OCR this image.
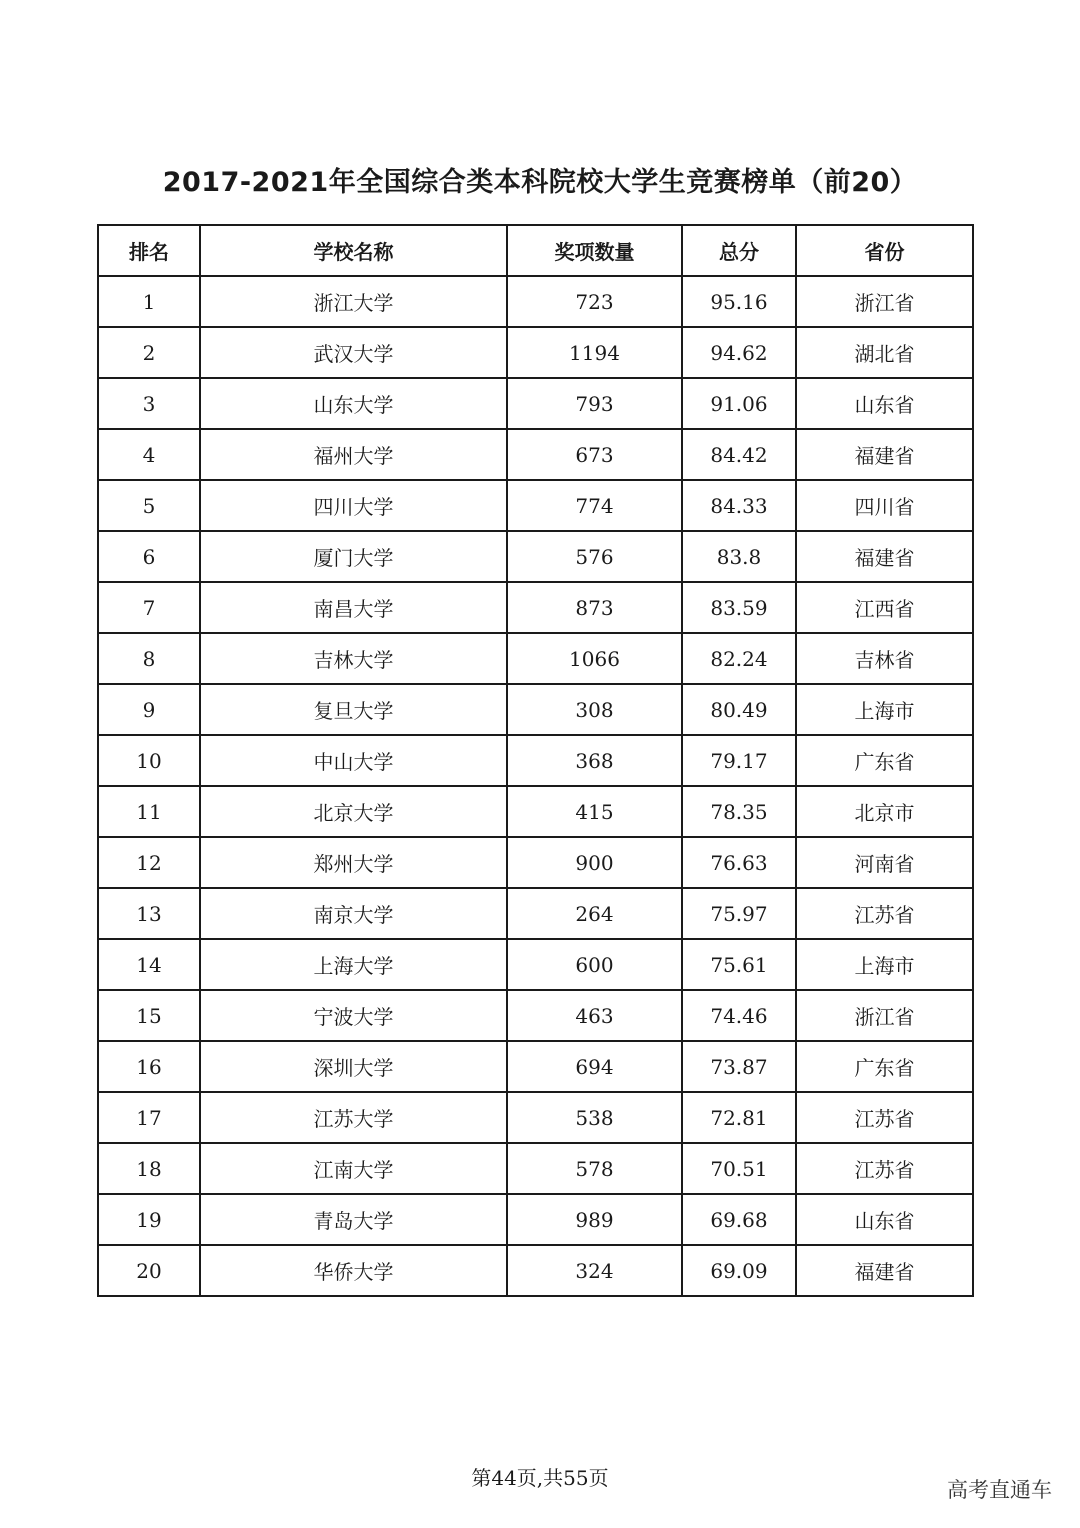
2017-2021年全国综合类本科院校大学生竞赛榜单（前20）
排名	学校名称	奖项数量	总分	省份
1	浙江大学	723	95.16	浙江省
2	武汉大学	1194	94.62	湖北省
3	山东大学	793	91.06	山东省
4	福州大学	673	84.42	福建省
5	四川大学	774	84.33	四川省
6	厦门大学	576	83.8	福建省
7	南昌大学	873	83.59	江西省
8	吉林大学	1066	82.24	吉林省
9	复旦大学	308	80.49	上海市
10	中山大学	368	79.17	广东省
11	北京大学	415	78.35	北京市
12	郑州大学	900	76.63	河南省
13	南京大学	264	75.97	江苏省
14	上海大学	600	75.61	上海市
15	宁波大学	463	74.46	浙江省
16	深圳大学	694	73.87	广东省
17	江苏大学	538	72.81	江苏省
18	江南大学	578	70.51	江苏省
19	青岛大学	989	69.68	山东省
20	华侨大学	324	69.09	福建省
第44页,共55页	高考直通车
